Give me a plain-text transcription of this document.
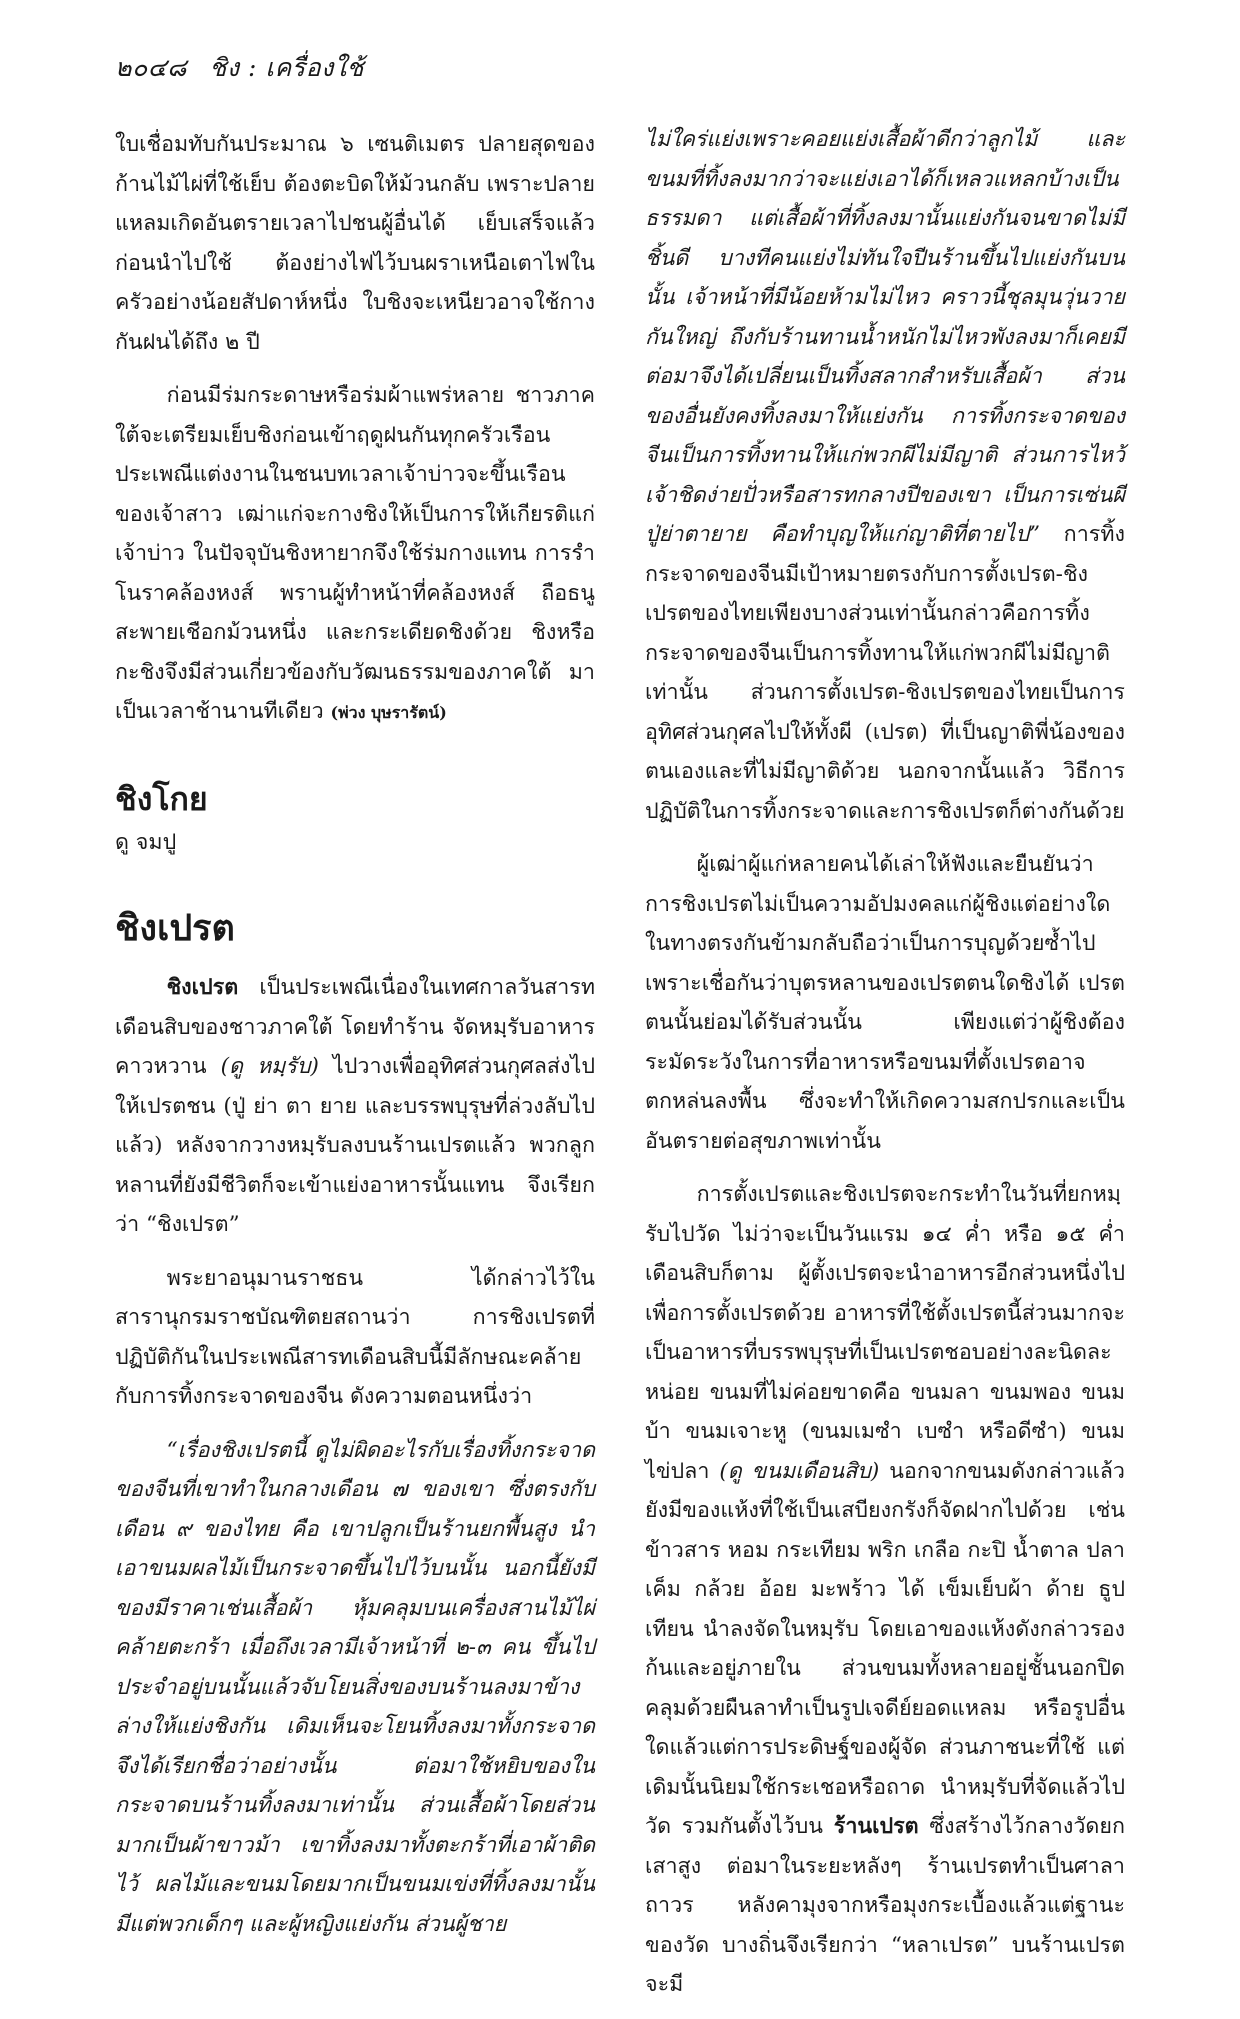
๒๐๔๘ ชิง : เครื่องใช้

ใบเชื่อมทับกันประมาณ ๖ เซนติเมตร ปลายสุดของก้านไม้ไผ่ที่ใช้เย็บ ต้องตะบิดให้ม้วนกลับ เพราะปลายแหลมเกิดอันตรายเวลาไปชนผู้อื่นได้ เย็บเสร็จแล้วก่อนนำไปใช้ ต้องย่างไฟไว้บนผราเหนือเตาไฟในครัวอย่างน้อยสัปดาห์หนึ่ง ใบชิงจะเหนียวอาจใช้กางกันฝนได้ถึง ๒ ปี

ก่อนมีร่มกระดาษหรือร่มผ้าแพร่หลาย ชาวภาคใต้จะเตรียมเย็บชิงก่อนเข้าฤดูฝนกันทุกครัวเรือนประเพณีแต่งงานในชนบทเวลาเจ้าบ่าวจะขึ้นเรือนของเจ้าสาว เฒ่าแก่จะกางชิงให้เป็นการให้เกียรติแก่เจ้าบ่าว ในปัจจุบันชิงหายากจึงใช้ร่มกางแทน การรำโนราคล้องหงส์ พรานผู้ทำหน้าที่คล้องหงส์ ถือธนูสะพายเชือกม้วนหนึ่ง และกระเดียดชิงด้วย ชิงหรือกะชิงจึงมีส่วนเกี่ยวข้องกับวัฒนธรรมของภาคใต้ มาเป็นเวลาช้านานทีเดียว (พ่วง บุษรารัตน์)

ชิงโกย

ดู จมปู

ชิงเปรต

ชิงเปรต เป็นประเพณีเนื่องในเทศกาลวันสารทเดือนสิบของชาวภาคใต้ โดยทำร้าน จัดหมฺรับอาหารคาวหวาน (ดู หมฺรับ) ไปวางเพื่ออุทิศส่วนกุศลส่งไปให้เปรตชน (ปู่ ย่า ตา ยาย และบรรพบุรุษที่ล่วงลับไปแล้ว) หลังจากวางหมฺรับลงบนร้านเปรตแล้ว พวกลูกหลานที่ยังมีชีวิตก็จะเข้าแย่งอาหารนั้นแทน จึงเรียกว่า “ชิงเปรต”

พระยาอนุมานราชธน ได้กล่าวไว้ในสารานุกรมราชบัณฑิตยสถานว่า การชิงเปรตที่ปฏิบัติกันในประเพณีสารทเดือนสิบนี้มีลักษณะคล้ายกับการทิ้งกระจาดของจีน ดังความตอนหนึ่งว่า

“เรื่องชิงเปรตนี้ ดูไม่ผิดอะไรกับเรื่องทิ้งกระจาดของจีนที่เขาทำในกลางเดือน ๗ ของเขา ซึ่งตรงกับเดือน ๙ ของไทย คือ เขาปลูกเป็นร้านยกพื้นสูง นำเอาขนมผลไม้เป็นกระจาดขึ้นไปไว้บนนั้น นอกนี้ยังมีของมีราคาเช่นเสื้อผ้า หุ้มคลุมบนเครื่องสานไม้ไผ่ คล้ายตะกร้า เมื่อถึงเวลามีเจ้าหน้าที่ ๒-๓ คน ขึ้นไปประจำอยู่บนนั้นแล้วจับโยนสิ่งของบนร้านลงมาข้างล่างให้แย่งชิงกัน เดิมเห็นจะโยนทิ้งลงมาทั้งกระจาดจึงได้เรียกชื่อว่าอย่างนั้น ต่อมาใช้หยิบของในกระจาดบนร้านทิ้งลงมาเท่านั้น ส่วนเสื้อผ้าโดยส่วนมากเป็นผ้าขาวม้า เขาทิ้งลงมาทั้งตะกร้าที่เอาผ้าติดไว้ ผลไม้และขนมโดยมากเป็นขนมเข่งที่ทิ้งลงมานั้นมีแต่พวกเด็กๆ และผู้หญิงแย่งกัน ส่วนผู้ชาย

ไม่ใคร่แย่งเพราะคอยแย่งเสื้อผ้าดีกว่าลูกไม้ และขนมที่ทิ้งลงมากว่าจะแย่งเอาได้ก็เหลวแหลกบ้างเป็นธรรมดา แต่เสื้อผ้าที่ทิ้งลงมานั้นแย่งกันจนขาดไม่มีชิ้นดี บางทีคนแย่งไม่ทันใจปีนร้านขึ้นไปแย่งกันบนนั้น เจ้าหน้าที่มีน้อยห้ามไม่ไหว คราวนี้ชุลมุนวุ่นวายกันใหญ่ ถึงกับร้านทานน้ำหนักไม่ไหวพังลงมาก็เคยมีต่อมาจึงได้เปลี่ยนเป็นทิ้งสลากสำหรับเสื้อผ้า ส่วนของอื่นยังคงทิ้งลงมาให้แย่งกัน การทิ้งกระจาดของจีนเป็นการทิ้งทานให้แก่พวกผีไม่มีญาติ ส่วนการไหว้เจ้าชิดง่ายปั่วหรือสารทกลางปีของเขา เป็นการเซ่นผีปู่ย่าตายาย คือทำบุญให้แก่ญาติที่ตายไป” การทิ้งกระจาดของจีนมีเป้าหมายตรงกับการตั้งเปรต-ชิงเปรตของไทยเพียงบางส่วนเท่านั้นกล่าวคือการทิ้งกระจาดของจีนเป็นการทิ้งทานให้แก่พวกผีไม่มีญาติเท่านั้น ส่วนการตั้งเปรต-ชิงเปรตของไทยเป็นการอุทิศส่วนกุศลไปให้ทั้งผี (เปรต) ที่เป็นญาติพี่น้องของตนเองและที่ไม่มีญาติด้วย นอกจากนั้นแล้ว วิธีการปฏิบัติในการทิ้งกระจาดและการชิงเปรตก็ต่างกันด้วย

ผู้เฒ่าผู้แก่หลายคนได้เล่าให้ฟังและยืนยันว่า การชิงเปรตไม่เป็นความอัปมงคลแก่ผู้ชิงแต่อย่างใด ในทางตรงกันข้ามกลับถือว่าเป็นการบุญด้วยซ้ำไป เพราะเชื่อกันว่าบุตรหลานของเปรตตนใดชิงได้ เปรตตนนั้นย่อมได้รับส่วนนั้น เพียงแต่ว่าผู้ชิงต้องระมัดระวังในการที่อาหารหรือขนมที่ตั้งเปรตอาจตกหล่นลงพื้น ซึ่งจะทำให้เกิดความสกปรกและเป็นอันตรายต่อสุขภาพเท่านั้น

การตั้งเปรตและชิงเปรตจะกระทำในวันที่ยกหมฺรับไปวัด ไม่ว่าจะเป็นวันแรม ๑๔ ค่ำ หรือ ๑๕ ค่ำ เดือนสิบก็ตาม ผู้ตั้งเปรตจะนำอาหารอีกส่วนหนึ่งไปเพื่อการตั้งเปรตด้วย อาหารที่ใช้ตั้งเปรตนี้ส่วนมากจะเป็นอาหารที่บรรพบุรุษที่เป็นเปรตชอบอย่างละนิดละหน่อย ขนมที่ไม่ค่อยขาดคือ ขนมลา ขนมพอง ขนมบ้า ขนมเจาะหู (ขนมเมซำ เบซำ หรือดีซำ) ขนมไข่ปลา (ดู ขนมเดือนสิบ) นอกจากขนมดังกล่าวแล้ว ยังมีของแห้งที่ใช้เป็นเสบียงกรังก็จัดฝากไปด้วย เช่น ข้าวสาร หอม กระเทียม พริก เกลือ กะปิ น้ำตาล ปลาเค็ม กล้วย อ้อย มะพร้าว ได้ เข็มเย็บผ้า ด้าย ธูปเทียน นำลงจัดในหมฺรับ โดยเอาของแห้งดังกล่าวรองก้นและอยู่ภายใน ส่วนขนมทั้งหลายอยู่ชั้นนอกปิดคลุมด้วยผืนลาทำเป็นรูปเจดีย์ยอดแหลม หรือรูปอื่นใดแล้วแต่การประดิษฐ์ของผู้จัด ส่วนภาชนะที่ใช้ แต่เดิมนั้นนิยมใช้กระเชอหรือถาด นำหมฺรับที่จัดแล้วไปวัด รวมกันตั้งไว้บน ร้านเปรต ซึ่งสร้างไว้กลางวัดยกเสาสูง ต่อมาในระยะหลังๆ ร้านเปรตทำเป็นศาลาถาวร หลังคามุงจากหรือมุงกระเบื้องแล้วแต่ฐานะของวัด บางถิ่นจึงเรียกว่า “หลาเปรต” บนร้านเปรตจะมี
